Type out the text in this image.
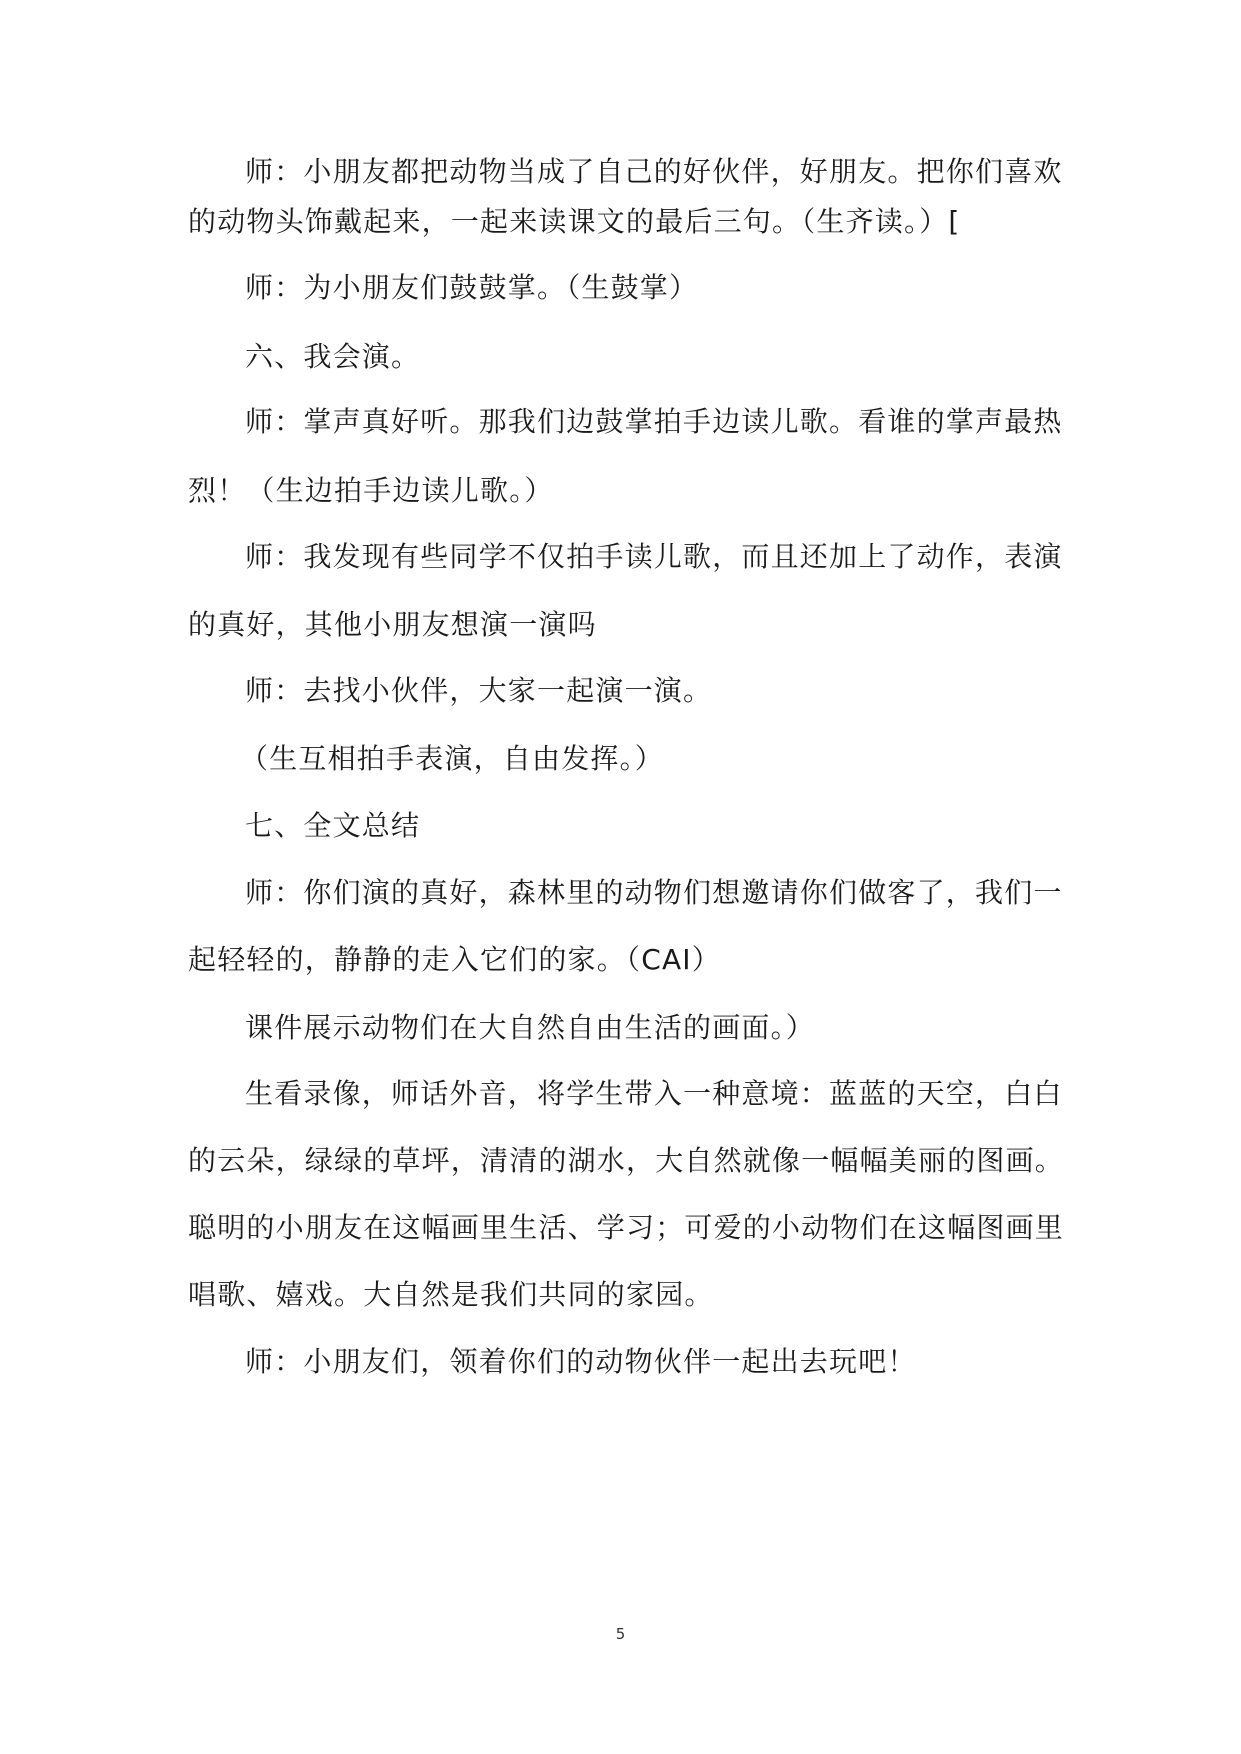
师：小朋友都把动物当成了自己的好伙伴，好朋友。把你们喜欢
的动物头饰戴起来，一起来读课文的最后三句。（生齐读。）[
师：为小朋友们鼓鼓掌。（生鼓掌）
六、我会演。
师：掌声真好听。那我们边鼓掌拍手边读儿歌。看谁的掌声最热
烈！（生边拍手边读儿歌。）
师：我发现有些同学不仅拍手读儿歌，而且还加上了动作，表演
的真好，其他小朋友想演一演吗
师：去找小伙伴，大家一起演一演。
（生互相拍手表演，自由发挥。）
七、全文总结
师：你们演的真好，森林里的动物们想邀请你们做客了，我们一
起轻轻的，静静的走入它们的家。（CAI）
课件展示动物们在大自然自由生活的画面。）
生看录像，师话外音，将学生带入一种意境：蓝蓝的天空，白白
的云朵，绿绿的草坪，清清的湖水，大自然就像一幅幅美丽的图画。
聪明的小朋友在这幅画里生活、学习；可爱的小动物们在这幅图画里
唱歌、嬉戏。大自然是我们共同的家园。
师：小朋友们，领着你们的动物伙伴一起出去玩吧！
5
